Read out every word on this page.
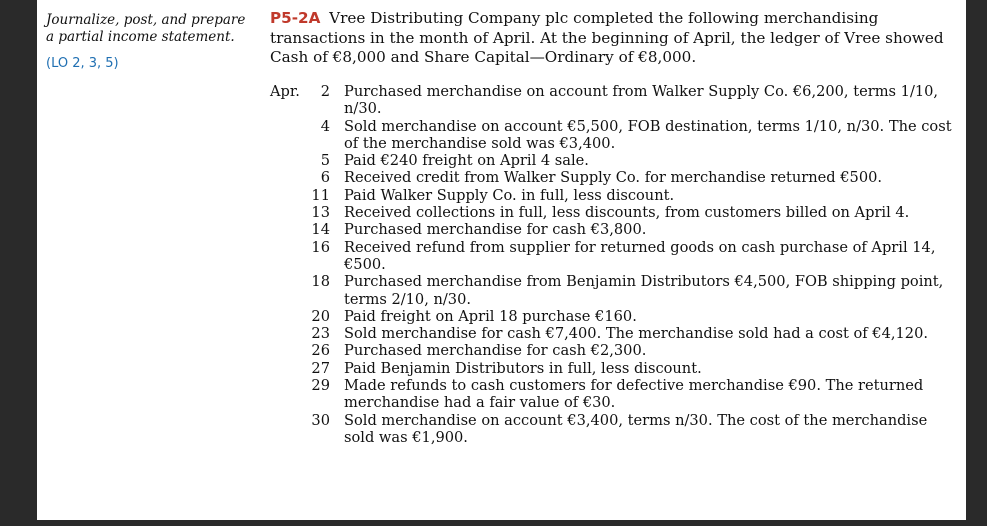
Journalize, post, and prepare a partial income statement.
(LO 2, 3, 5)
P5-2A Vree Distributing Company plc completed the following merchandising transactions in the month of April. At the beginning of April, the ledger of Vree showed Cash of €8,000 and Share Capital—Ordinary of €8,000.
Apr.	2 Purchased merchandise on account from Walker Supply Co. €6,200, terms 1/10, n/30.
4 Sold merchandise on account €5,500, FOB destination, terms 1/10, n/30. The cost of the merchandise sold was €3,400.
5 Paid €240 freight on April 4 sale.
6 Received credit from Walker Supply Co. for merchandise returned €500.
11 Paid Walker Supply Co. in full, less discount.
13 Received collections in full, less discounts, from customers billed on April 4.
14 Purchased merchandise for cash €3,800.
16 Received refund from supplier for returned goods on cash purchase of April 14, €500.
18 Purchased merchandise from Benjamin Distributors €4,500, FOB shipping point, terms 2/10, n/30.
20 Paid freight on April 18 purchase €160.
23 Sold merchandise for cash €7,400. The merchandise sold had a cost of €4,120.
26 Purchased merchandise for cash €2,300.
27 Paid Benjamin Distributors in full, less discount.
29 Made refunds to cash customers for defective merchandise €90. The returned merchandise had a fair value of €30.
30 Sold merchandise on account €3,400, terms n/30. The cost of the merchandise sold was €1,900.
